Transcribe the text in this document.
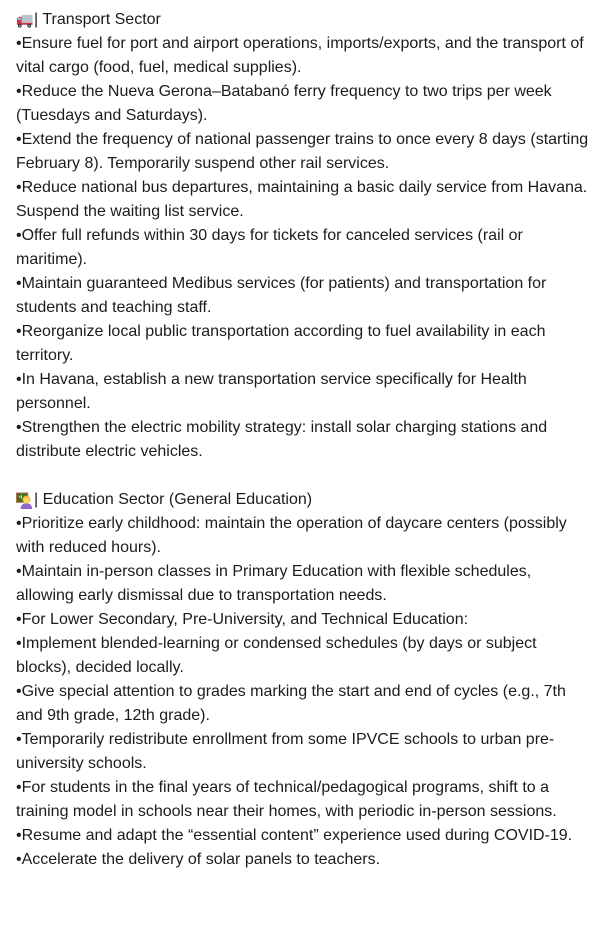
| Transport Sector

•Ensure fuel for port and airport operations, imports/exports, and the transport of vital cargo (food, fuel, medical supplies).

•Reduce the Nueva Gerona–Batabanó ferry frequency to two trips per week (Tuesdays and Saturdays).

•Extend the frequency of national passenger trains to once every 8 days (starting February 8). Temporarily suspend other rail services.

•Reduce national bus departures, maintaining a basic daily service from Havana. Suspend the waiting list service.

•Offer full refunds within 30 days for tickets for canceled services (rail or maritime).

•Maintain guaranteed Medibus services (for patients) and transportation for students and teaching staff.

•Reorganize local public transportation according to fuel availability in each territory.

•In Havana, establish a new transportation service specifically for Health personnel.

•Strengthen the electric mobility strategy: install solar charging stations and distribute electric vehicles.

| Education Sector (General Education)

•Prioritize early childhood: maintain the operation of daycare centers (possibly with reduced hours).

•Maintain in-person classes in Primary Education with flexible schedules, allowing early dismissal due to transportation needs.

•For Lower Secondary, Pre-University, and Technical Education:

•Implement blended-learning or condensed schedules (by days or subject blocks), decided locally.

•Give special attention to grades marking the start and end of cycles (e.g., 7th and 9th grade, 12th grade).

•Temporarily redistribute enrollment from some IPVCE schools to urban pre-university schools.

•For students in the final years of technical/pedagogical programs, shift to a training model in schools near their homes, with periodic in-person sessions.

•Resume and adapt the “essential content” experience used during COVID-19.

•Accelerate the delivery of solar panels to teachers.
